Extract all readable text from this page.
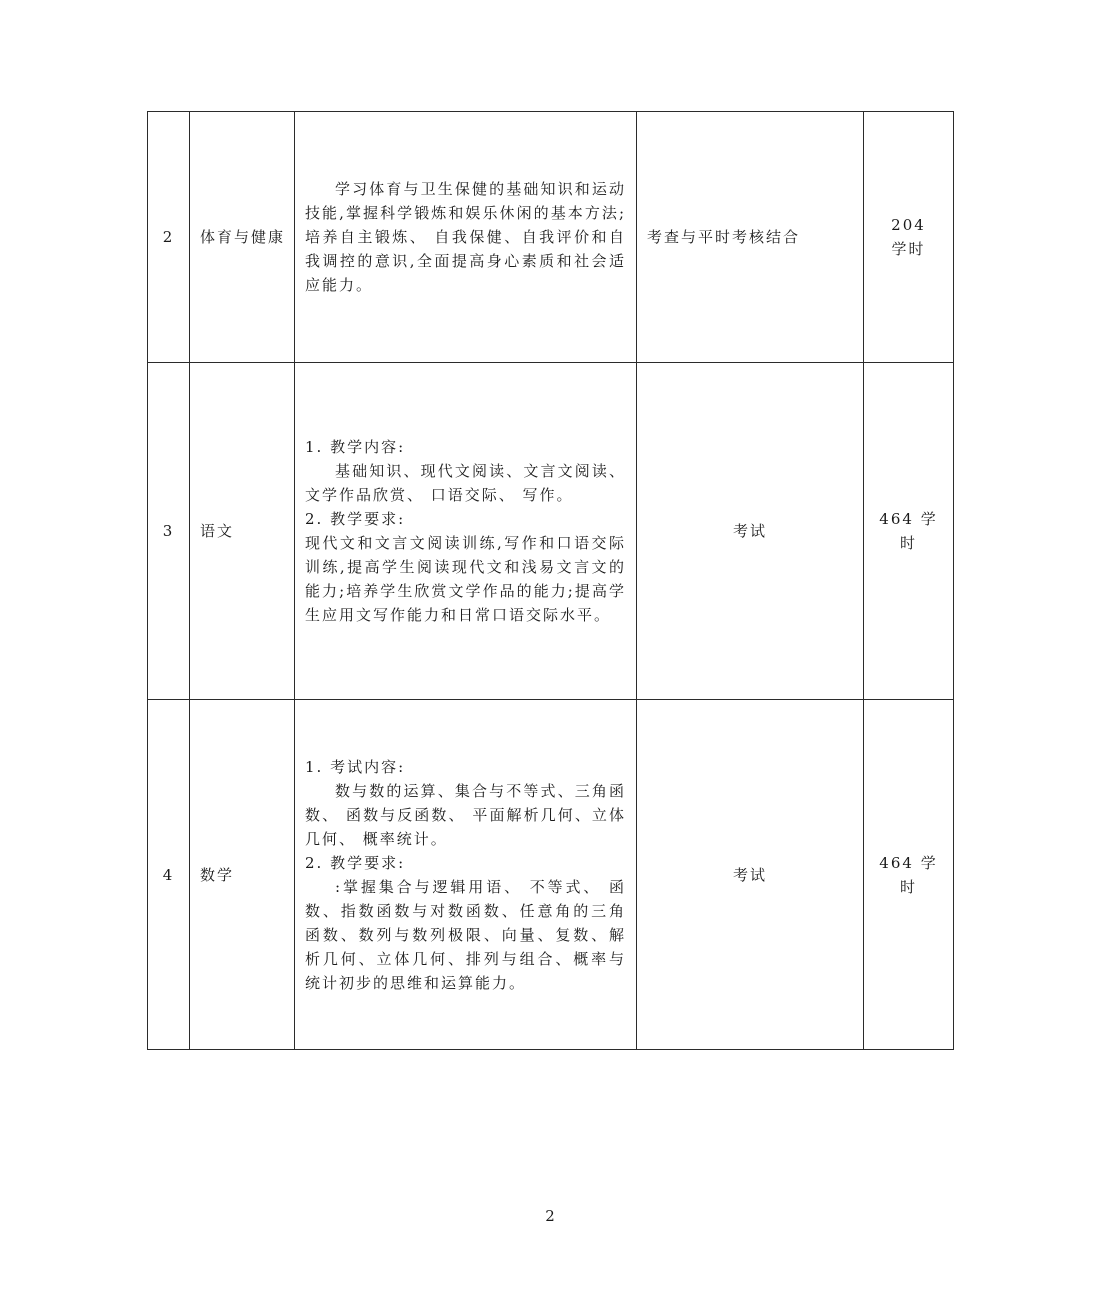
2	体育与健康	学习体育与卫生保健的基础知识和运动技能,掌握科学锻炼和娱乐休闲的基本方法;培养自主锻炼、 自我保健、自我评价和自我调控的意识,全面提高身心素质和社会适应能力。	考查与平时考核结合	204
学时

3	语文	1. 教学内容:

基础知识、现代文阅读、文言文阅读、文学作品欣赏、 口语交际、 写作。

2. 教学要求:

现代文和文言文阅读训练,写作和口语交际训练,提高学生阅读现代文和浅易文言文的能力;培养学生欣赏文学作品的能力;提高学生应用文写作能力和日常口语交际水平。	考试	464 学时
4	数学	1. 考试内容:

数与数的运算、集合与不等式、三角函数、 函数与反函数、 平面解析几何、立体几何、 概率统计。

2. 教学要求:

:掌握集合与逻辑用语、 不等式、 函数、指数函数与对数函数、任意角的三角函数、数列与数列极限、向量、复数、解析几何、立体几何、排列与组合、概率与统计初步的思维和运算能力。	考试	464 学时
2
